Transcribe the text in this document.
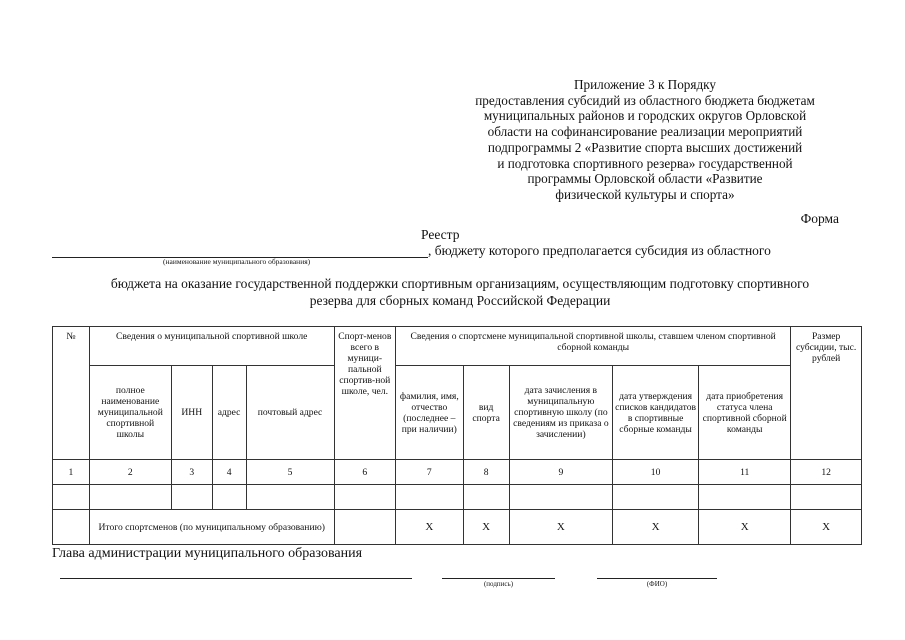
Приложение 3 к Порядку
предоставления субсидий из областного бюджета бюджетам
муниципальных районов и городских округов Орловской
области на софинансирование реализации мероприятий
подпрограммы 2 «Развитие спорта высших достижений
и подготовка спортивного резерва» государственной
программы Орловской области «Развитие
физической культуры и спорта»
Форма
Реестр
(наименование муниципального образования)
, бюджету которого предполагается субсидия из областного
бюджета на оказание государственной поддержки спортивным организациям, осуществляющим подготовку спортивного
резерва для сборных команд Российской Федерации
№	Сведения о муниципальной спортивной школе				Спорт-менов всего в муници-пальной спортив-ной школе, чел.	Сведения о спортсмене муниципальной спортивной школы, ставшем членом спортивной сборной команды					Размер субсидии, тыс. рублей
	полное наименование муниципальной спортивной школы	ИНН	адрес	почтовый адрес		фамилия, имя, отчество (последнее – при наличии)	вид спорта	дата зачисления в муниципальную спортивную школу (по сведениям из приказа о зачислении)	дата утверждения списков кандидатов в спортивные сборные команды	дата приобретения статуса члена спортивной сборной команды	
1	2	3	4	5	6	7	8	9	10	11	12

	Итого спортсменов (по муниципальному образованию)					Х	Х	Х	Х	Х	Х
Глава администрации муниципального образования
(подпись)	(ФИО)
